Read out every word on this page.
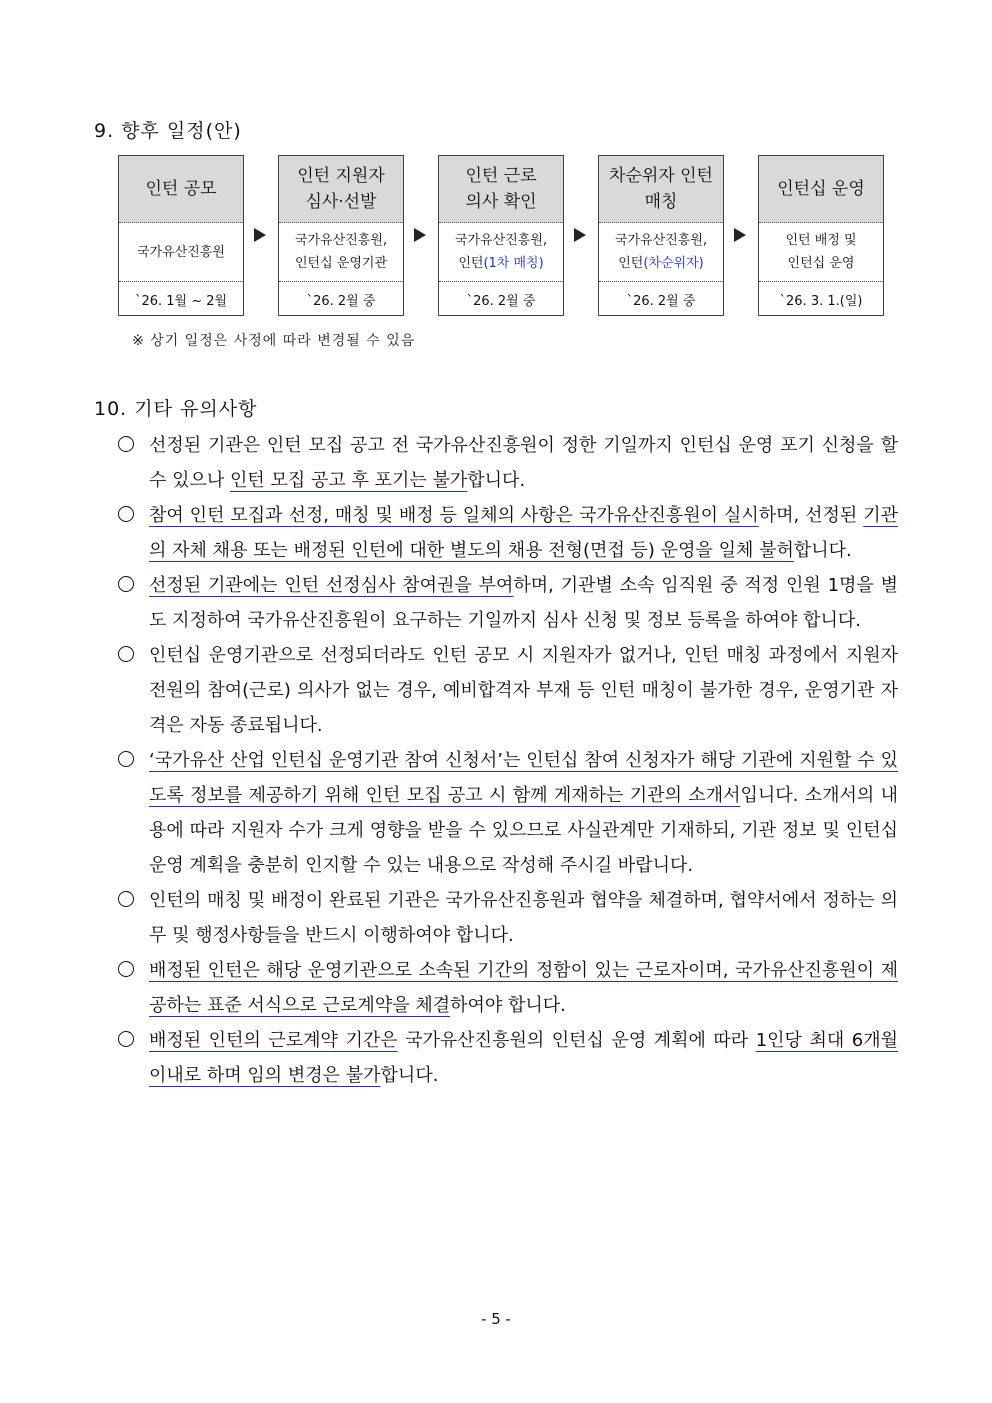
9. 향후 일정(안)
인턴 공모
국가유산진흥원
`26. 1월 ~ 2월
인턴 지원자
심사·선발
국가유산진흥원,
인턴십 운영기관
`26. 2월 중
인턴 근로
의사 확인
국가유산진흥원,
인턴(1차 매칭)
`26. 2월 중
차순위자 인턴
매칭
국가유산진흥원,
인턴(차순위자)
`26. 2월 중
인턴십 운영
인턴 배정 및
인턴십 운영
`26. 3. 1.(일)
※ 상기 일정은 사정에 따라 변경될 수 있음
10. 기타 유의사항
선정된 기관은 인턴 모집 공고 전 국가유산진흥원이 정한 기일까지 인턴십 운영 포기 신청을 할 수 있으나 인턴 모집 공고 후 포기는 불가합니다.
참여 인턴 모집과 선정, 매칭 및 배정 등 일체의 사항은 국가유산진흥원이 실시하며, 선정된 기관의 자체 채용 또는 배정된 인턴에 대한 별도의 채용 전형(면접 등) 운영을 일체 불허합니다.
선정된 기관에는 인턴 선정심사 참여권을 부여하며, 기관별 소속 임직원 중 적정 인원 1명을 별도 지정하여 국가유산진흥원이 요구하는 기일까지 심사 신청 및 정보 등록을 하여야 합니다.
인턴십 운영기관으로 선정되더라도 인턴 공모 시 지원자가 없거나, 인턴 매칭 과정에서 지원자 전원의 참여(근로) 의사가 없는 경우, 예비합격자 부재 등 인턴 매칭이 불가한 경우, 운영기관 자격은 자동 종료됩니다.
‘국가유산 산업 인턴십 운영기관 참여 신청서’는 인턴십 참여 신청자가 해당 기관에 지원할 수 있도록 정보를 제공하기 위해 인턴 모집 공고 시 함께 게재하는 기관의 소개서입니다. 소개서의 내용에 따라 지원자 수가 크게 영향을 받을 수 있으므로 사실관계만 기재하되, 기관 정보 및 인턴십 운영 계획을 충분히 인지할 수 있는 내용으로 작성해 주시길 바랍니다.
인턴의 매칭 및 배정이 완료된 기관은 국가유산진흥원과 협약을 체결하며, 협약서에서 정하는 의무 및 행정사항들을 반드시 이행하여야 합니다.
배정된 인턴은 해당 운영기관으로 소속된 기간의 정함이 있는 근로자이며, 국가유산진흥원이 제공하는 표준 서식으로 근로계약을 체결하여야 합니다.
배정된 인턴의 근로계약 기간은 국가유산진흥원의 인턴십 운영 계획에 따라 1인당 최대 6개월 이내로 하며 임의 변경은 불가합니다.
- 5 -
